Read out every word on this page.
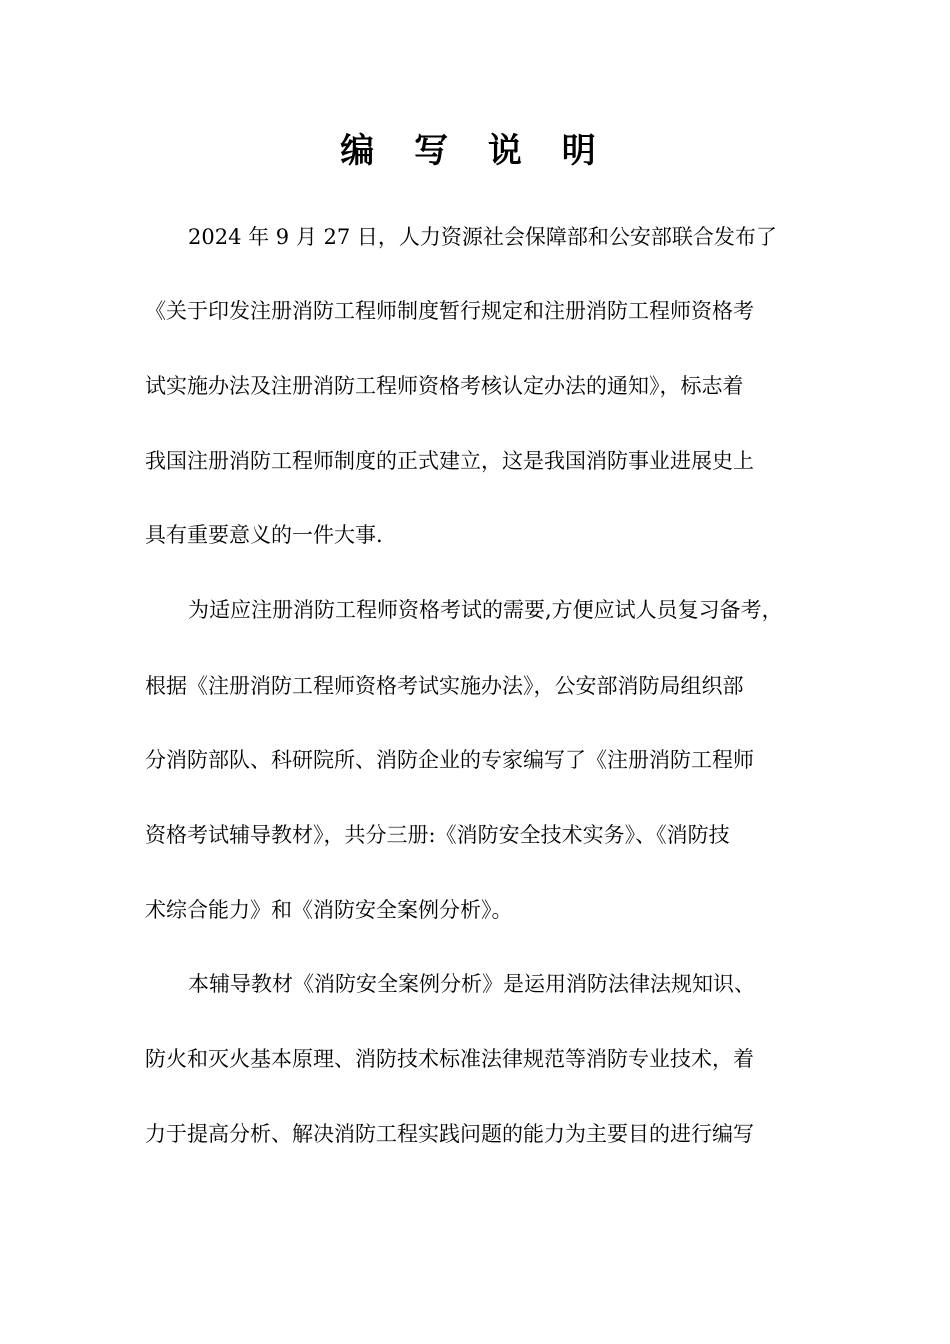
编 写 说 明

2024 年 9 月 27 日，人力资源社会保障部和公安部联合发布了

《关于印发注册消防工程师制度暂行规定和注册消防工程师资格考

试实施办法及注册消防工程师资格考核认定办法的通知》，标志着

我国注册消防工程师制度的正式建立，这是我国消防事业进展史上

具有重要意义的一件大事.

为适应注册消防工程师资格考试的需要,方便应试人员复习备考，

根据《注册消防工程师资格考试实施办法》，公安部消防局组织部

分消防部队、科研院所、消防企业的专家编写了《注册消防工程师

资格考试辅导教材》，共分三册:《消防安全技术实务》、《消防技

术综合能力》和《消防安全案例分析》。

本辅导教材《消防安全案例分析》是运用消防法律法规知识、

防火和灭火基本原理、消防技术标准法律规范等消防专业技术，着

力于提高分析、解决消防工程实践问题的能力为主要目的进行编写
